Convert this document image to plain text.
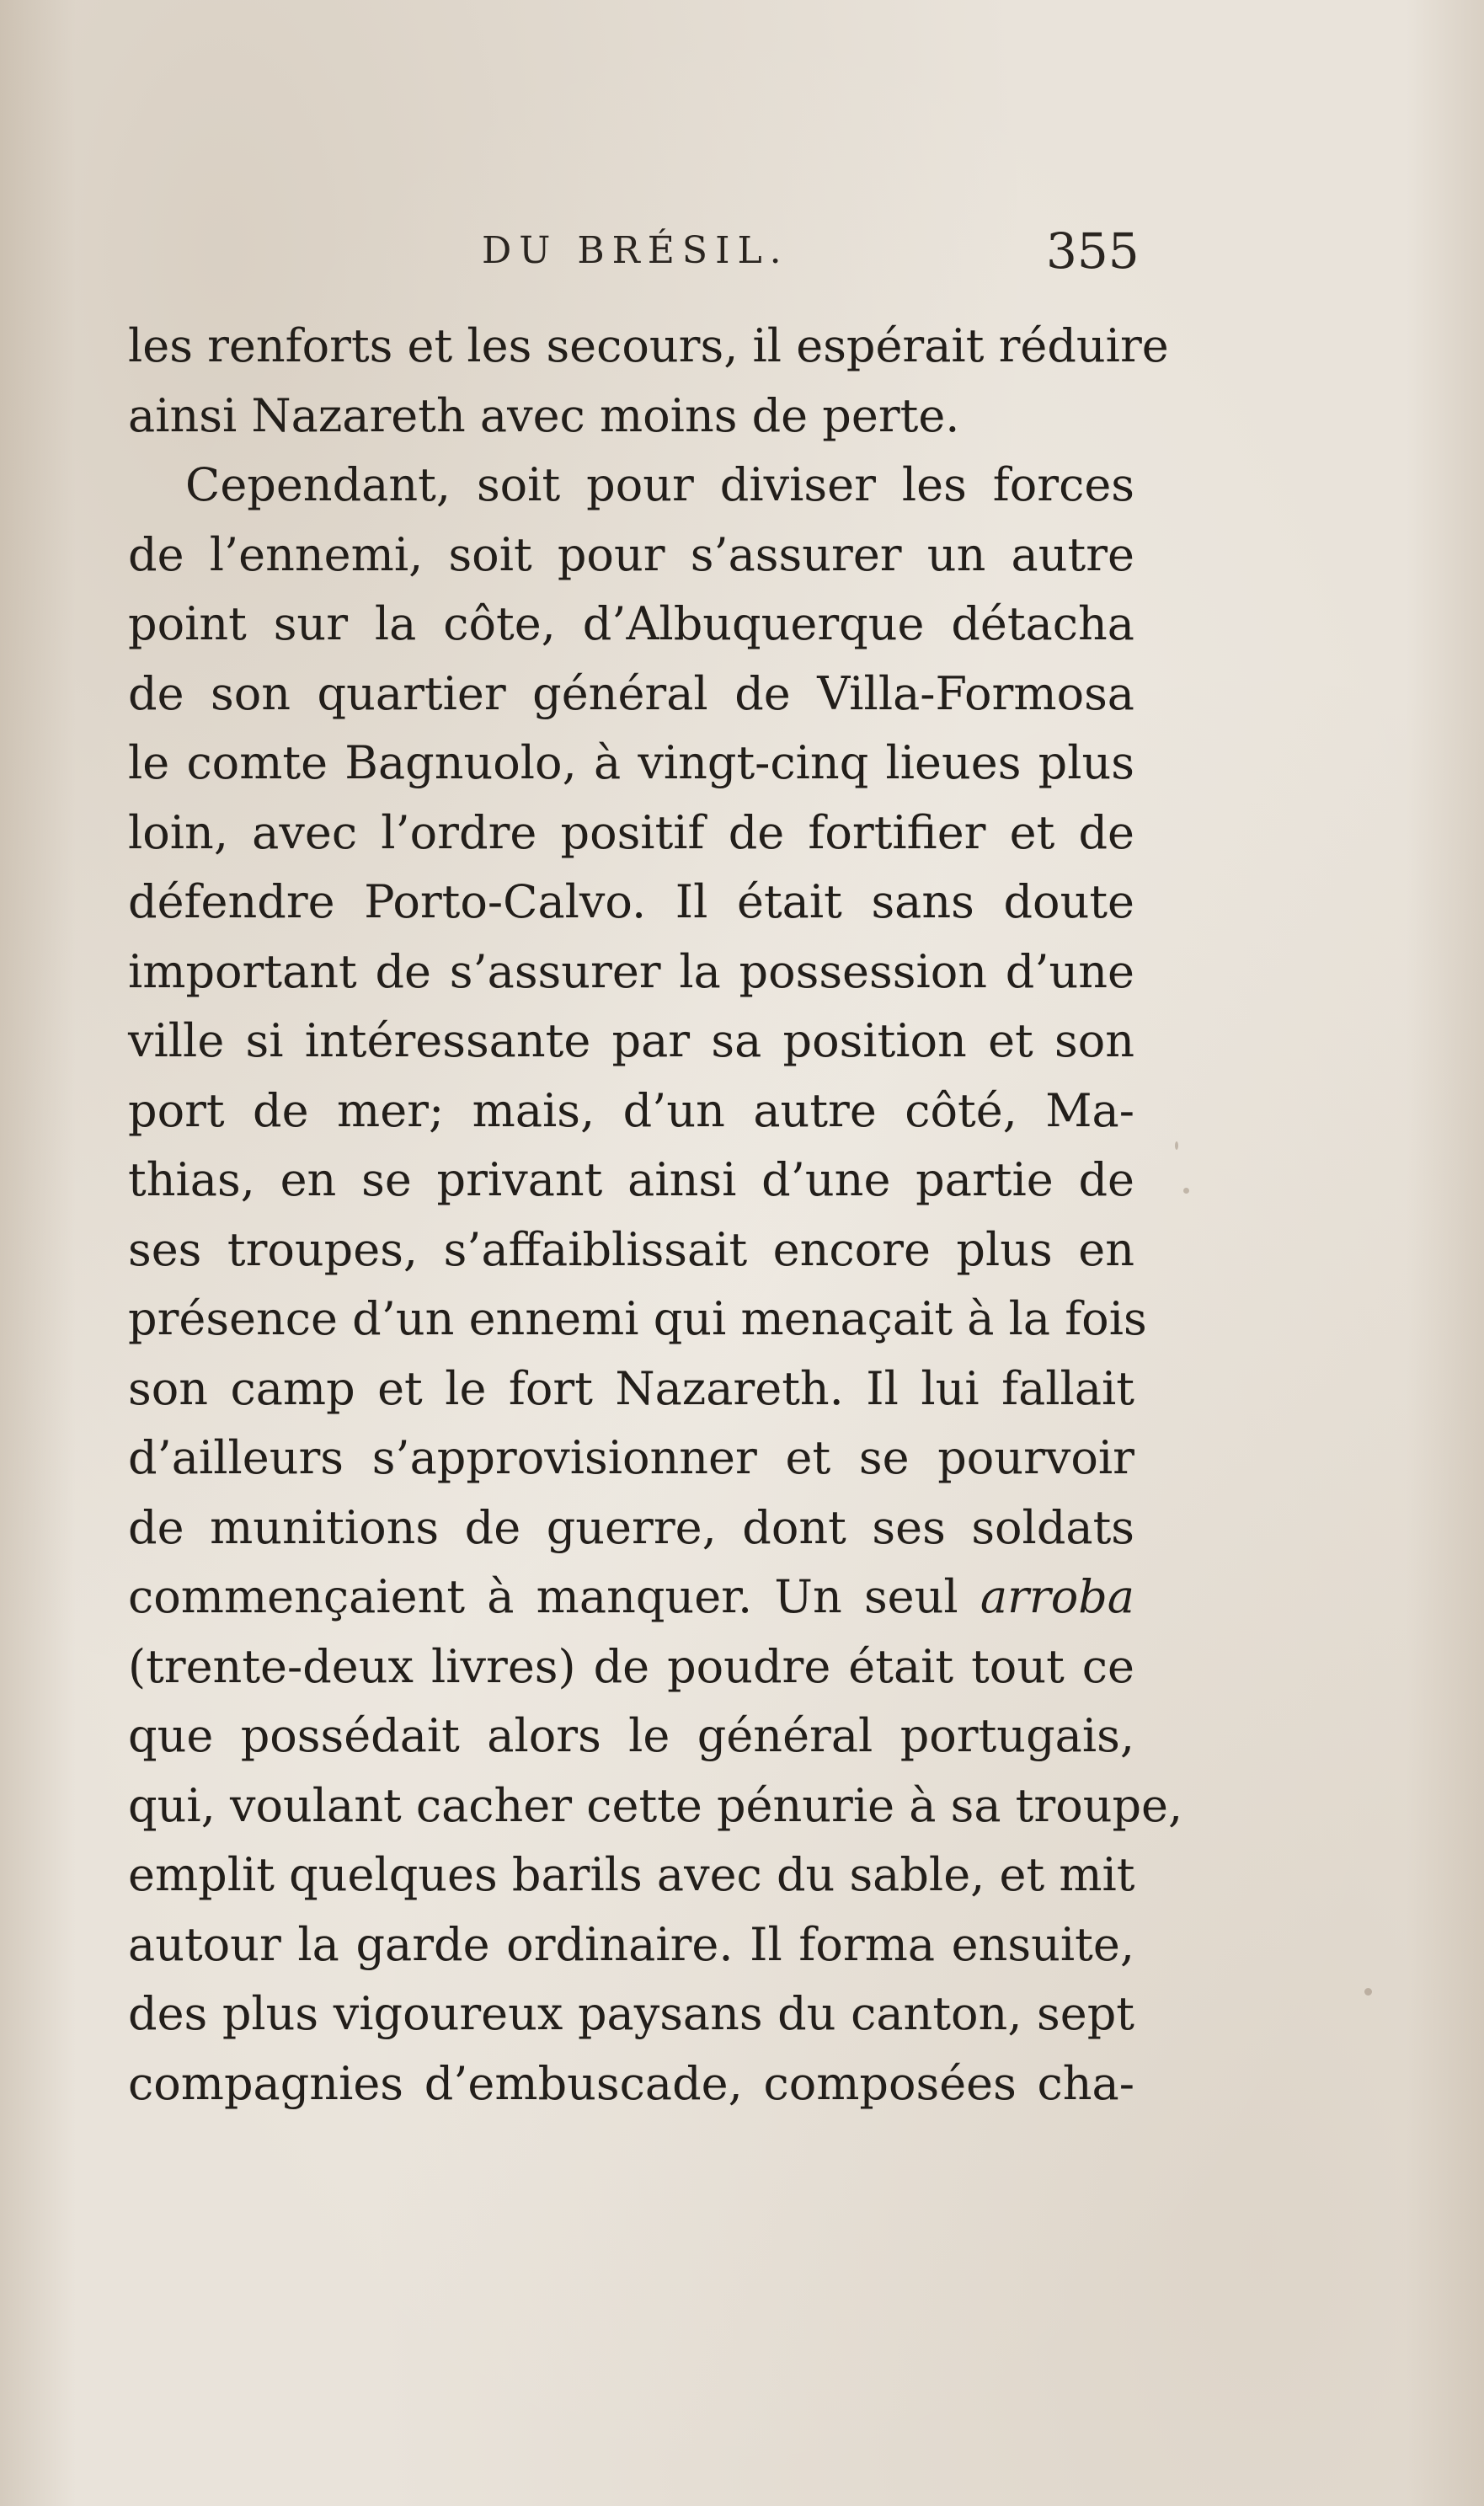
DU BRÉSIL.	355
les renforts et les secours, il espérait réduire
ainsi Nazareth avec moins de perte.
Cependant, soit pour diviser les forces
de l’ennemi, soit pour s’assurer un autre
point sur la côte, d’Albuquerque détacha
de son quartier général de Villa-Formosa
le comte Bagnuolo, à vingt-cinq lieues plus
loin, avec l’ordre positif de fortifier et de
défendre Porto-Calvo. Il était sans doute
important de s’assurer la possession d’une
ville si intéressante par sa position et son
port de mer; mais, d’un autre côté, Ma-
thias, en se privant ainsi d’une partie de
ses troupes, s’affaiblissait encore plus en
présence d’un ennemi qui menaçait à la fois
son camp et le fort Nazareth. Il lui fallait
d’ailleurs s’approvisionner et se pourvoir
de munitions de guerre, dont ses soldats
commençaient à manquer. Un seul arroba
(trente-deux livres) de poudre était tout ce
que possédait alors le général portugais,
qui, voulant cacher cette pénurie à sa troupe,
emplit quelques barils avec du sable, et mit
autour la garde ordinaire. Il forma ensuite,
des plus vigoureux paysans du canton, sept
compagnies d’embuscade, composées cha-
